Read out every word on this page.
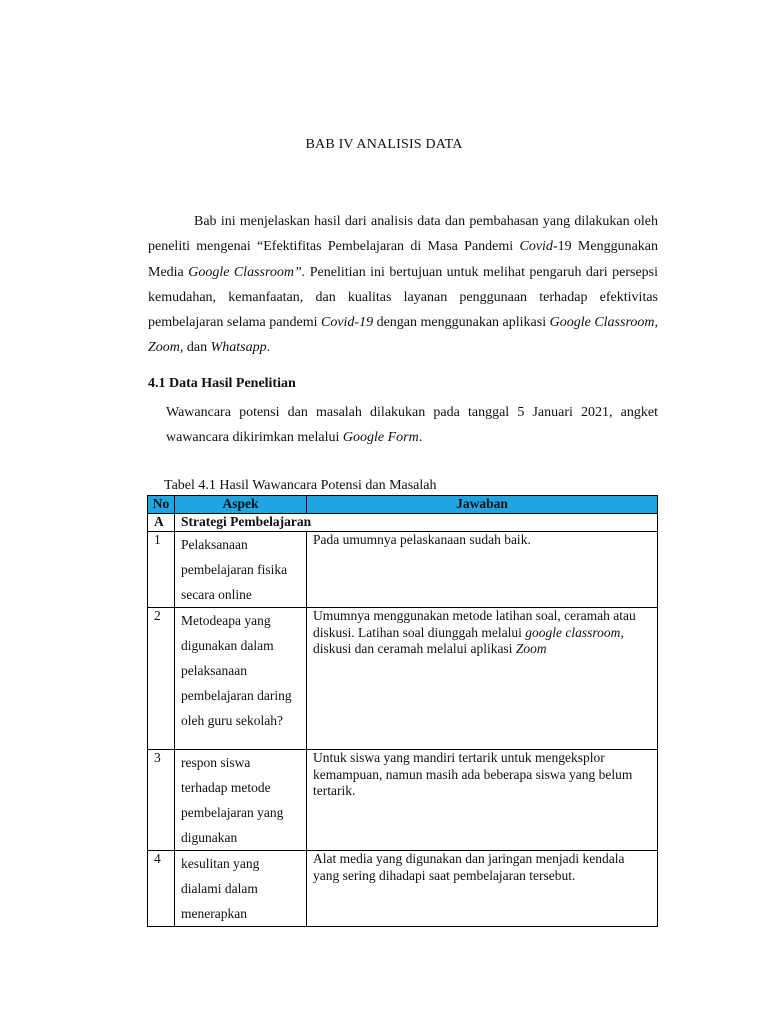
BAB IV ANALISIS DATA

Bab ini menjelaskan hasil dari analisis data dan pembahasan yang dilakukan oleh peneliti mengenai “Efektifitas Pembelajaran di Masa Pandemi Covid-19 Menggunakan Media Google Classroom”. Penelitian ini bertujuan untuk melihat pengaruh dari persepsi kemudahan, kemanfaatan, dan kualitas layanan penggunaan terhadap efektivitas pembelajaran selama pandemi Covid-19 dengan menggunakan aplikasi Google Classroom, Zoom, dan Whatsapp.

4.1 Data Hasil Penelitian

Wawancara potensi dan masalah dilakukan pada tanggal 5 Januari 2021, angket wawancara dikirimkan melalui Google Form.

Tabel 4.1 Hasil Wawancara Potensi dan Masalah

No	Aspek	Jawaban
A	Strategi Pembelajaran	
1	Pelaksanaan pembelajaran fisika secara online	Pada umumnya pelaskanaan sudah baik.
2	Metodeapa yang digunakan dalam pelaksanaan pembelajaran daring oleh guru sekolah?	Umumnya menggunakan metode latihan soal, ceramah atau diskusi. Latihan soal diunggah melalui google classroom, diskusi dan ceramah melalui aplikasi Zoom
3	respon siswa terhadap metode pembelajaran yang digunakan	Untuk siswa yang mandiri tertarik untuk mengeksplor kemampuan, namun masih ada beberapa siswa yang belum tertarik.
4	kesulitan yang dialami dalam menerapkan	Alat media yang digunakan dan jaringan menjadi kendala yang sering dihadapi saat pembelajaran tersebut.
